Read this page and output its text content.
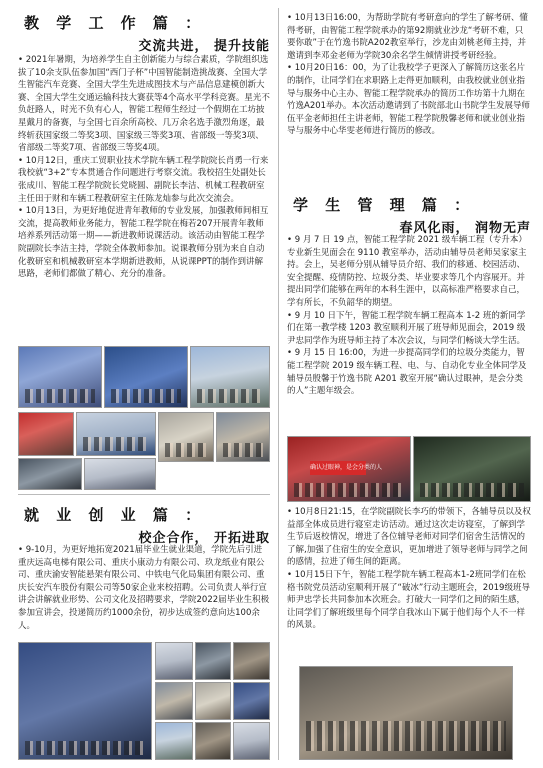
教 学 工 作 篇 ：

交流共进， 提升技能

• 2021年暑期，为培养学生自主创新能力与综合素质，学院组织选拔了10余支队伍参加国“西门子杯”中国智能制造挑战赛、全国大学生智能汽车竞赛、全国大学生先进成图技术与产品信息建模创新大赛、全国大学生交通运输科技大赛获等4个高水平学科竞赛。星光不负赶路人，时光不负有心人，智能工程师生经过一个假期在工坊披星戴月的备赛，与全国七百余所高校、几万余名选手激烈角逐，最终斩获国家级二等奖3项、国家级三等奖3项、省部级一等奖3项、省部级二等奖7项、省部级三等奖4项。

• 10月12日，重庆工贸职业技术学院车辆工程学院院长肖勇一行来我校就“3+2”专本贯通合作问题进行考察交流。我校招生处副处长张成川、智能工程学院院长党晓圆、副院长李洁、机械工程教研室主任田于财和车辆工程教研室主任陈龙灿参与此次交流会。

• 10月13日，为更好地促进青年教师的专业发展，加强教师间相互交流，提高教师业务能力，智能工程学院在梅若207开展青年教师培养系列活动第一期——新进教师说课活动。该活动由智能工程学院副院长李洁主持，学院全体教师参加。说课教师分别为来自自动化教研室和机械教研室本学期新进教师，从说课PPT的制作到讲解思路，老师们都做了精心、充分的准备。

就 业 创 业 篇 ：

校企合作， 开拓进取

• 9-10月，为更好地拓宽2021届毕业生就业渠道，学院先后引进重庆远高电梯有限公司、重庆小康动力有限公司、玖龙纸业有限公司、重庆渝安智能悬架有限公司、中铁电气化局集团有限公司、重庆长安汽车股份有限公司等50家企业来校招聘。公司负责人举行宣讲会讲解就业形势、公司文化及招聘要求，学院2022届毕业生积极参加宣讲会，投递简历约1000余份，初步达成签约意向达100余人。

• 10月13日16:00，为帮助学院有考研意向的学生了解考研、懂得考研，由智能工程学院承办的第92期就业沙龙“考研不难，只要你敢”于在竹逸书院A202教室举行，沙龙由刘桃老师主持，并邀请到李邓金老师为学院30余名学生倾情讲授考研经验。

• 10月20日16：00，为了让我校学子更深入了解简历这张名片的制作，让同学们在求职路上走得更加顺利，由我校就业创业指导与服务中心主办、智能工程学院承办的简历工作坊第十九期在竹逸A201举办。本次活动邀请到了书院部北山书院学生发展导师伍平金老师担任主讲老师，智能工程学院殷馨老师和就业创业指导与服务中心华雯老师进行简历的修改。

学 生 管 理 篇 ：

春风化雨， 润物无声

• 9 月 7 日 19 点，智能工程学院 2021 级车辆工程（专升本）专业新生见面会在 9110 教室举办，活动由辅导员老师吴家家主持。会上，吴老师分别从辅导员介绍、我们的移通、校园活动、安全提醒、疫情防控、垃圾分类、毕业要求等几个内容展开。并提出同学们能够在两年的本科生涯中，以高标准严格要求自己，学有所长，不负韶华的期望。

• 9 月 10 日下午，智能工程学院车辆工程高本 1-2 班的新同学们在第一教学楼 1203 教室顺利开展了班导师见面会，2019 级尹忠同学作为班导师主持了本次会议，与同学们畅谈大学生活。

• 9 月 15 日 16:00，为进一步提高同学们的垃圾分类能力，智能工程学院 2019 级车辆工程、电、与、自动化专业全体同学及辅导员殷馨于竹逸书院 A201 教室开展“确认过眼神，是会分类的人”主题年级会。

确认过眼神，是会分类的人

• 10月8日21:15，在学院副院长李巧的带领下，各辅导员以及权益部全体成员进行寝室走访活动。通过这次走访寝室，了解到学生节后返校情况，增进了各位辅导老师对同学们宿舍生活情况的了解,加强了住宿生的安全意识，更加增进了领导老师与同学之间的感情，拉进了师生间的距离。

• 10月15日下午，智能工程学院车辆工程高本1-2班同学们在松格书院党员活动室顺利开展了“破冰”行动主题班会，2019级班导师尹忠学长共同参加本次班会。打破大一同学们之间的陌生感，让同学们了解班级里每个同学自我冰山下属于他们每个人不一样的风景。
